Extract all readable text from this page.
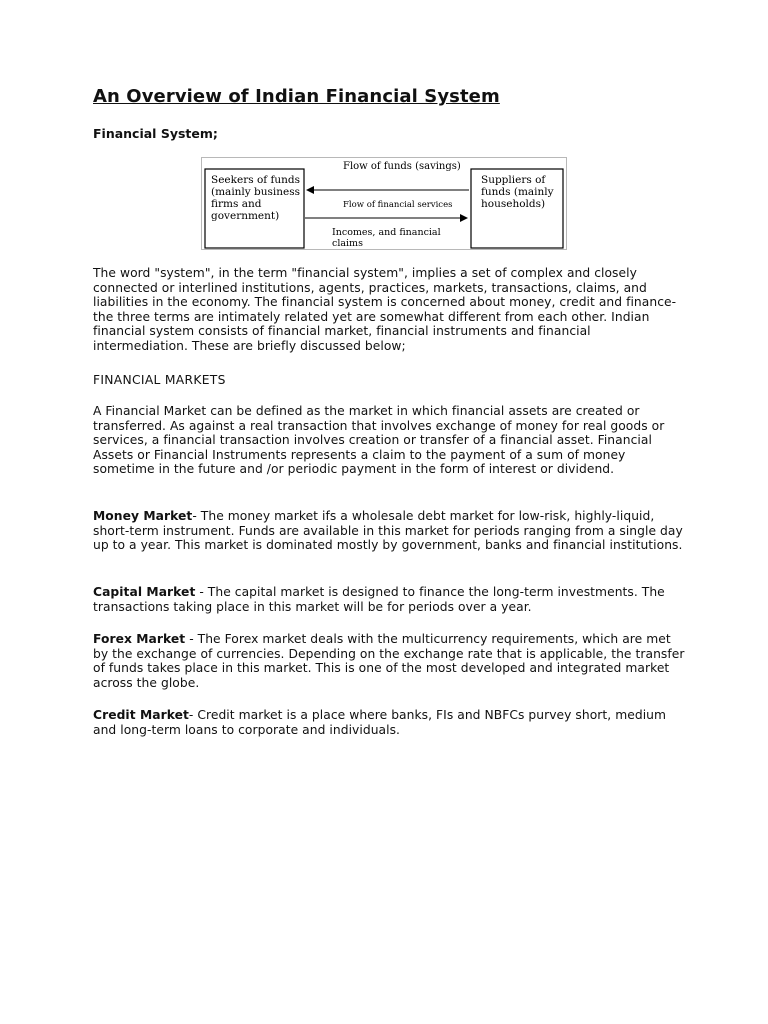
An Overview of Indian Financial System

Financial System;

Flow of funds (savings)
Seekers of funds
(mainly business
firms and
government)
Suppliers of
funds (mainly
households)
Flow of financial services
Incomes, and financial
claims

The word "system", in the term "financial system", implies a set of complex and closely connected or interlined institutions, agents, practices, markets, transactions, claims, and liabilities in the economy. The financial system is concerned about money, credit and finance-the three terms are intimately related yet are somewhat different from each other. Indian financial system consists of financial market, financial instruments and financial intermediation. These are briefly discussed below;

FINANCIAL MARKETS

A Financial Market can be defined as the market in which financial assets are created or transferred. As against a real transaction that involves exchange of money for real goods or services, a financial transaction involves creation or transfer of a financial asset. Financial Assets or Financial Instruments represents a claim to the payment of a sum of money sometime in the future and /or periodic payment in the form of interest or dividend.

Money Market- The money market ifs a wholesale debt market for low-risk, highly-liquid, short-term instrument. Funds are available in this market for periods ranging from a single day up to a year. This market is dominated mostly by government, banks and financial institutions.

Capital Market - The capital market is designed to finance the long-term investments. The transactions taking place in this market will be for periods over a year.

Forex Market - The Forex market deals with the multicurrency requirements, which are met by the exchange of currencies. Depending on the exchange rate that is applicable, the transfer of funds takes place in this market. This is one of the most developed and integrated market across the globe.

Credit Market- Credit market is a place where banks, FIs and NBFCs purvey short, medium and long-term loans to corporate and individuals.
